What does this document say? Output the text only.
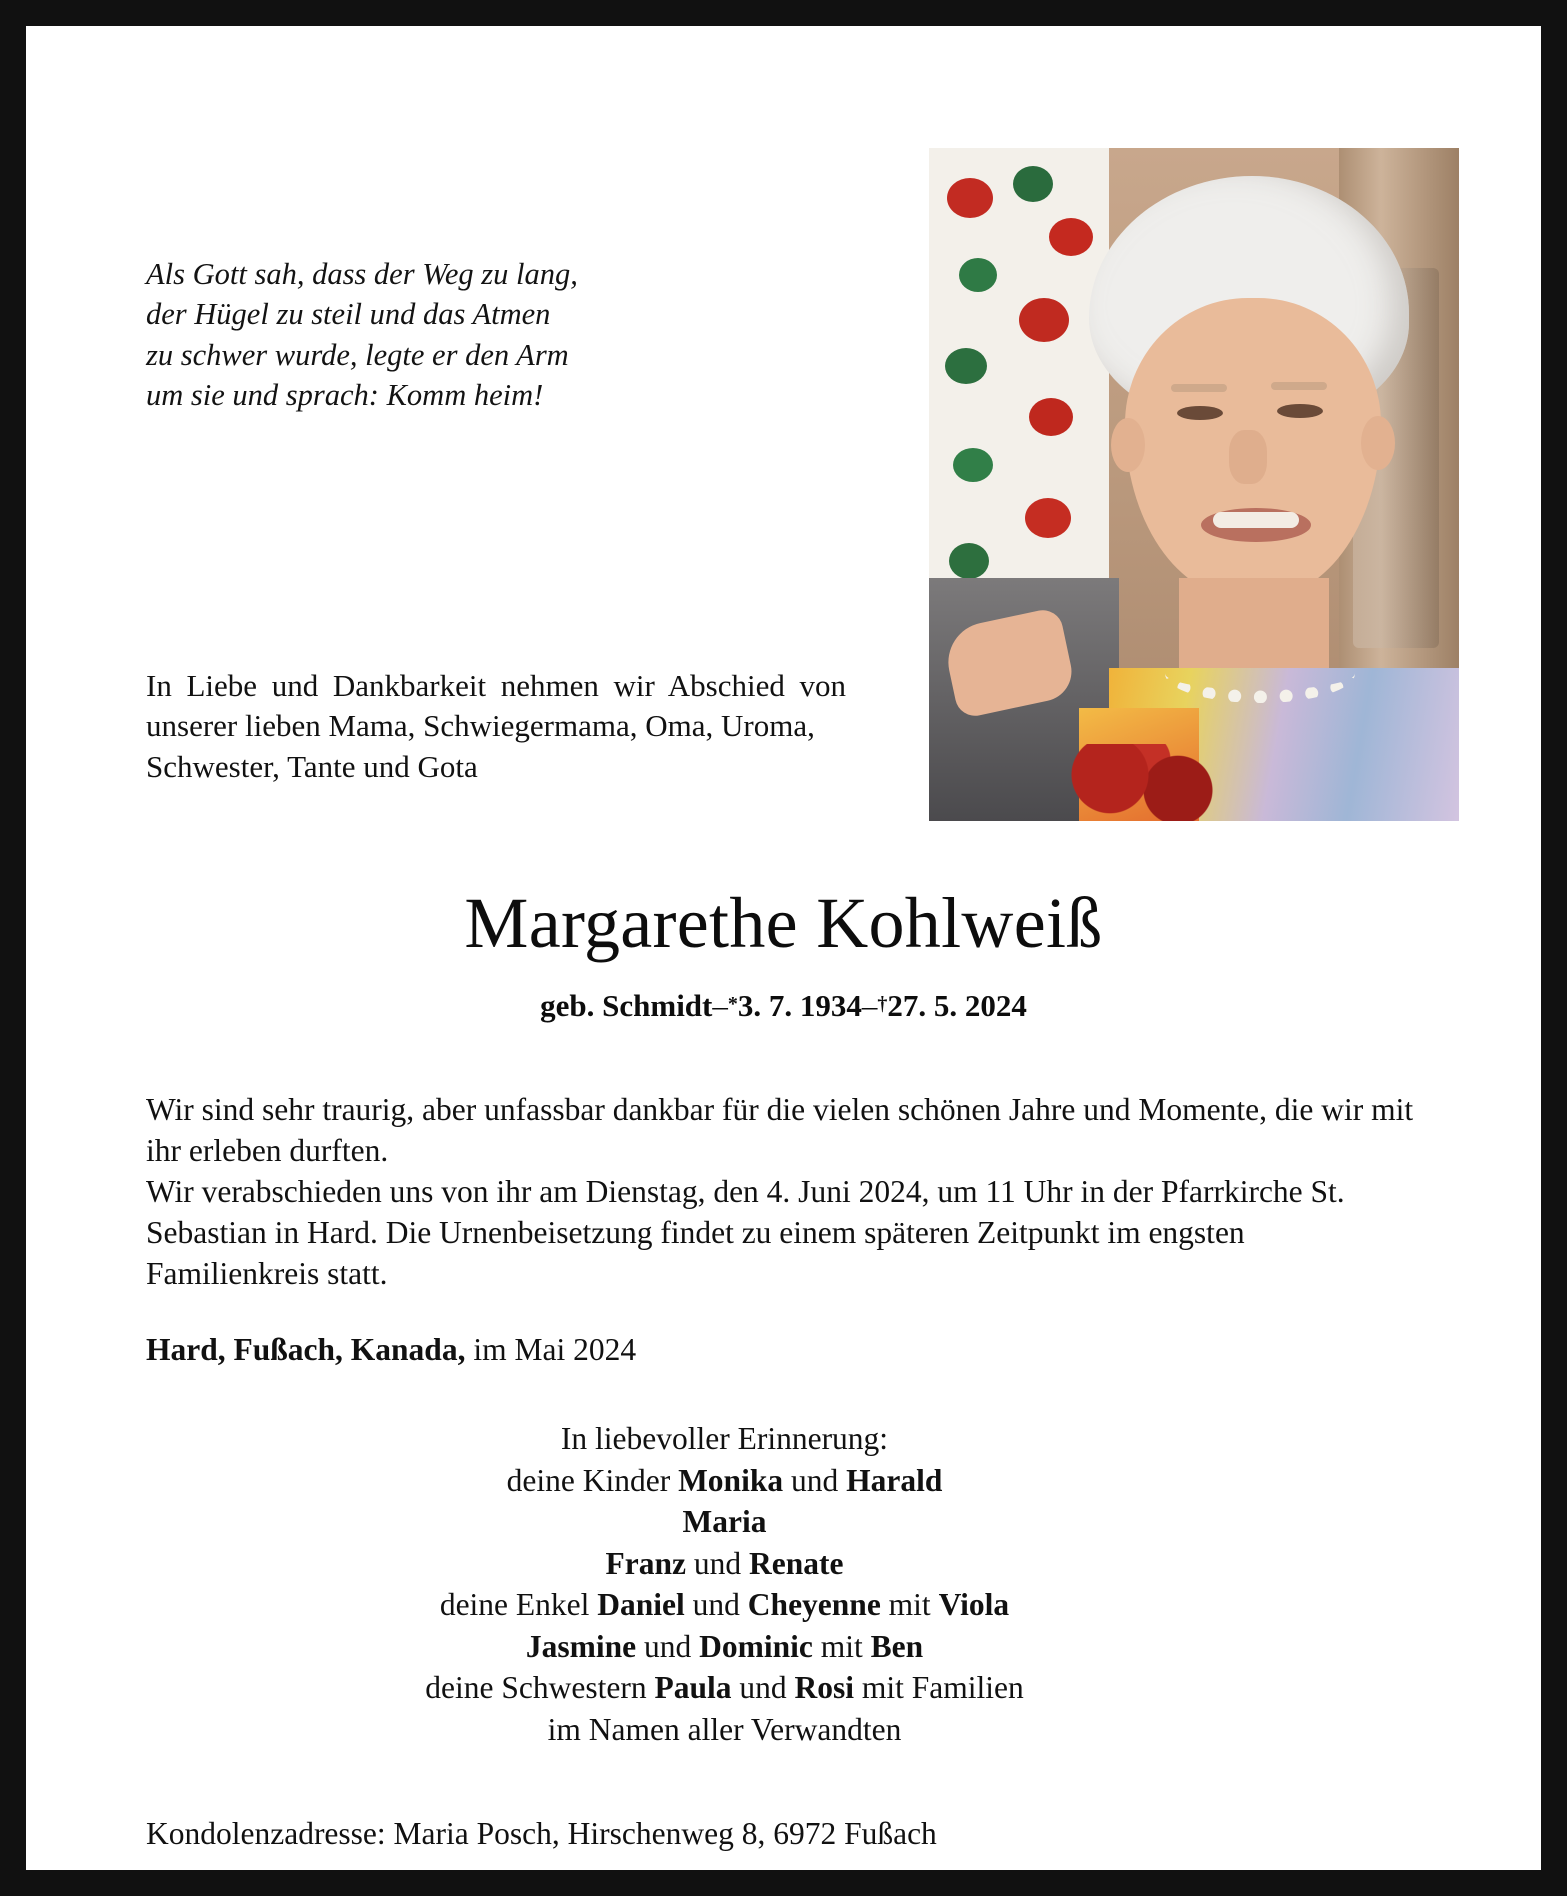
Als Gott sah, dass der Weg zu lang,
der Hügel zu steil und das Atmen
zu schwer wurde, legte er den Arm
um sie und sprach: Komm heim!
In Liebe und Dankbarkeit nehmen wir Abschied von unserer lieben Mama, Schwiegermama, Oma, Uroma,
Schwester, Tante und Gota
Margarethe Kohlweiß
geb. Schmidt–*3. 7. 1934–†27. 5. 2024

Wir sind sehr traurig, aber unfassbar dankbar für die vielen schönen Jahre und Momente, die wir mit ihr erleben durften.

Wir verabschieden uns von ihr am Dienstag, den 4. Juni 2024, um 11 Uhr in der Pfarrkirche St. Sebastian in Hard. Die Urnenbeisetzung findet zu einem späteren Zeitpunkt im engsten Familienkreis statt.

Hard, Fußach, Kanada, im Mai 2024
In liebevoller Erinnerung:
deine Kinder Monika und Harald
Maria
Franz und Renate
deine Enkel Daniel und Cheyenne mit Viola
Jasmine und Dominic mit Ben
deine Schwestern Paula und Rosi mit Familien
im Namen aller Verwandten
Kondolenzadresse: Maria Posch, Hirschenweg 8, 6972 Fußach
